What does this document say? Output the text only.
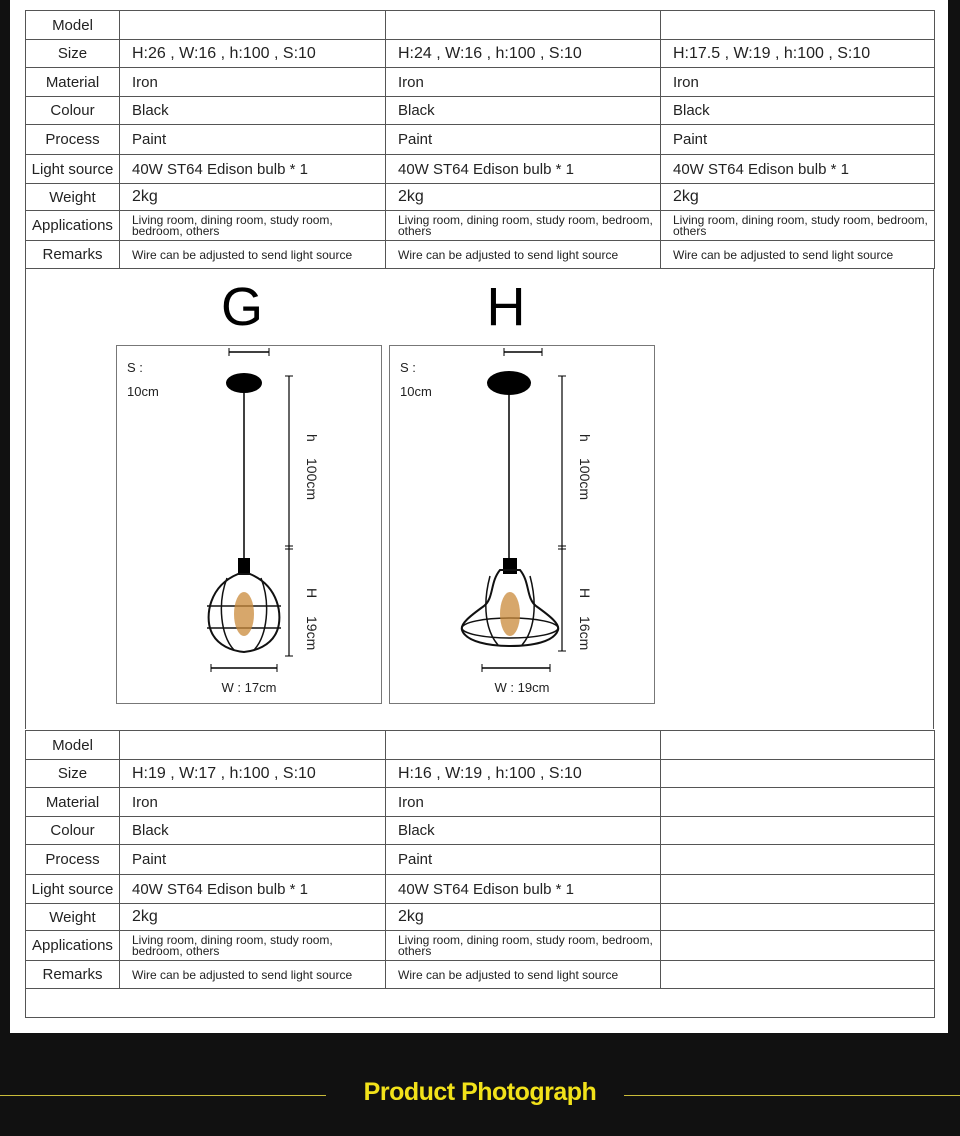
Model			
Size	H:26 , W:16 , h:100 , S:10	H:24 , W:16 , h:100 , S:10	H:17.5 , W:19 , h:100 , S:10
Material	Iron	Iron	Iron
Colour	Black	Black	Black
Process	Paint	Paint	Paint
Light source	40W ST64 Edison bulb * 1	40W ST64 Edison bulb * 1	40W ST64 Edison bulb * 1
Weight	2kg	2kg	2kg
Applications	Living room, dining room, study room, bedroom, others	Living room, dining room, study room, bedroom, others	Living room, dining room, study room, bedroom, others
Remarks	Wire can be adjusted to send light source	Wire can be adjusted to send light source	Wire can be adjusted to send light source
G	H
S :
10cm
h
100cm
H
19cm
W : 17cm
S :
10cm
h
100cm
H
16cm
W : 19cm
Model			
Size	H:19 , W:17 , h:100 , S:10	H:16 , W:19 , h:100 , S:10	
Material	Iron	Iron	
Colour	Black	Black	
Process	Paint	Paint	
Light source	40W ST64 Edison bulb * 1	40W ST64 Edison bulb * 1	
Weight	2kg	2kg	
Applications	Living room, dining room, study room, bedroom, others	Living room, dining room, study room, bedroom, others	
Remarks	Wire can be adjusted to send light source	Wire can be adjusted to send light source	

Product Photograph
